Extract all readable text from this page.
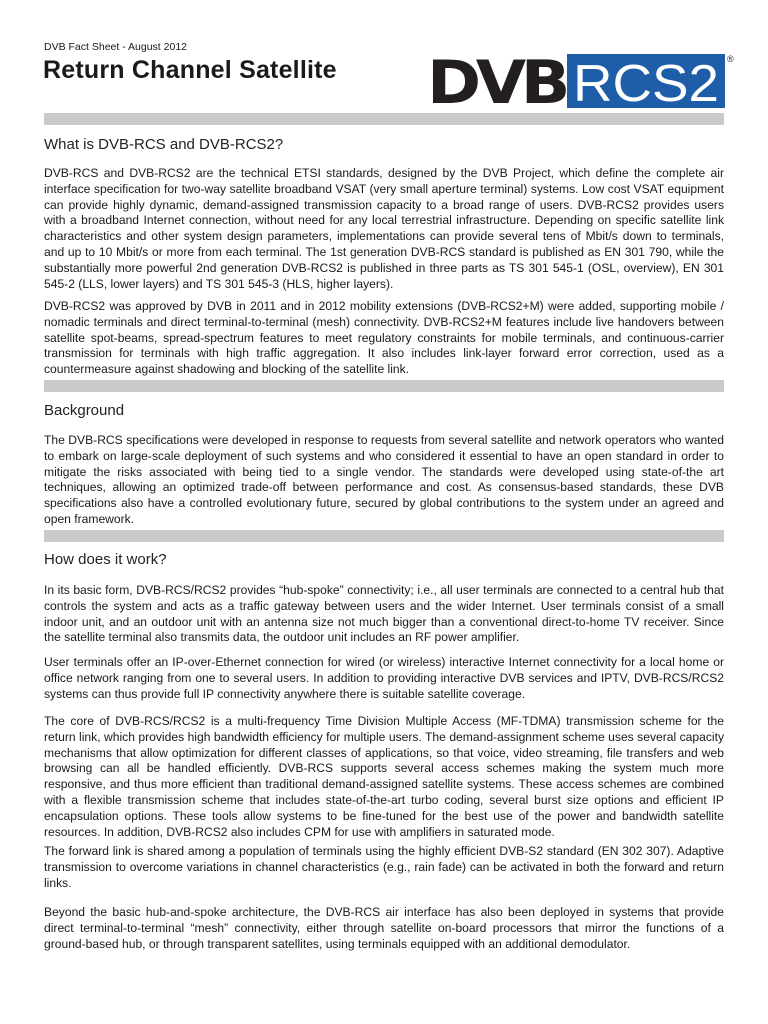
DVB Fact Sheet - August 2012
Return Channel Satellite DVB RCS2 ®
What is DVB-RCS and DVB-RCS2?

DVB-RCS and DVB-RCS2 are the technical ETSI standards, designed by the DVB Project, which define the complete air interface specification for two-way satellite broadband VSAT (very small aperture terminal) systems. Low cost VSAT equipment can provide highly dynamic, demand-assigned transmission capacity to a broad range of users. DVB-RCS2 provides users with a broadband Internet connection, without need for any local terrestrial infrastructure. Depending on specific satellite link characteristics and other system design parameters, implementations can provide several tens of Mbit/s down to terminals, and up to 10 Mbit/s or more from each terminal. The 1st generation DVB-RCS standard is published as EN 301 790, while the substantially more powerful 2nd generation DVB-RCS2 is published in three parts as TS 301 545-1 (OSL, overview), EN 301 545-2 (LLS, lower layers) and TS 301 545-3 (HLS, higher layers).

DVB-RCS2 was approved by DVB in 2011 and in 2012 mobility extensions (DVB-RCS2+M) were added, supporting mobile / nomadic terminals and direct terminal-to-terminal (mesh) connectivity. DVB-RCS2+M features include live handovers between satellite spot-beams, spread-spectrum features to meet regulatory constraints for mobile terminals, and continuous-carrier transmission for terminals with high traffic aggregation. It also includes link-layer forward error correction, used as a countermeasure against shadowing and blocking of the satellite link.

Background

The DVB-RCS specifications were developed in response to requests from several satellite and network operators who wanted to embark on large-scale deployment of such systems and who considered it essential to have an open standard in order to mitigate the risks associated with being tied to a single vendor. The standards were developed using state-of-the art techniques, allowing an optimized trade-off between performance and cost. As consensus-based standards, these DVB specifications also have a controlled evolutionary future, secured by global contributions to the system under an agreed and open framework.

How does it work?

In its basic form, DVB-RCS/RCS2 provides “hub-spoke” connectivity; i.e., all user terminals are connected to a central hub that controls the system and acts as a traffic gateway between users and the wider Internet. User terminals consist of a small indoor unit, and an outdoor unit with an antenna size not much bigger than a conventional direct-to-home TV receiver. Since the satellite terminal also transmits data, the outdoor unit includes an RF power amplifier.

User terminals offer an IP-over-Ethernet connection for wired (or wireless) interactive Internet connectivity for a local home or office network ranging from one to several users. In addition to providing interactive DVB services and IPTV, DVB-RCS/RCS2 systems can thus provide full IP connectivity anywhere there is suitable satellite coverage.

The core of DVB-RCS/RCS2 is a multi-frequency Time Division Multiple Access (MF-TDMA) transmission scheme for the return link, which provides high bandwidth efficiency for multiple users. The demand-assignment scheme uses several capacity mechanisms that allow optimization for different classes of applications, so that voice, video streaming, file transfers and web browsing can all be handled efficiently. DVB-RCS supports several access schemes making the system much more responsive, and thus more efficient than traditional demand-assigned satellite systems. These access schemes are combined with a flexible transmission scheme that includes state-of-the-art turbo coding, several burst size options and efficient IP encapsulation options. These tools allow systems to be fine-tuned for the best use of the power and bandwidth satellite resources. In addition, DVB-RCS2 also includes CPM for use with amplifiers in saturated mode.

The forward link is shared among a population of terminals using the highly efficient DVB-S2 standard (EN 302 307). Adaptive transmission to overcome variations in channel characteristics (e.g., rain fade) can be activated in both the forward and return links.

Beyond the basic hub-and-spoke architecture, the DVB-RCS air interface has also been deployed in systems that provide direct terminal-to-terminal “mesh” connectivity, either through satellite on-board processors that mirror the functions of a ground-based hub, or through transparent satellites, using terminals equipped with an additional demodulator.
